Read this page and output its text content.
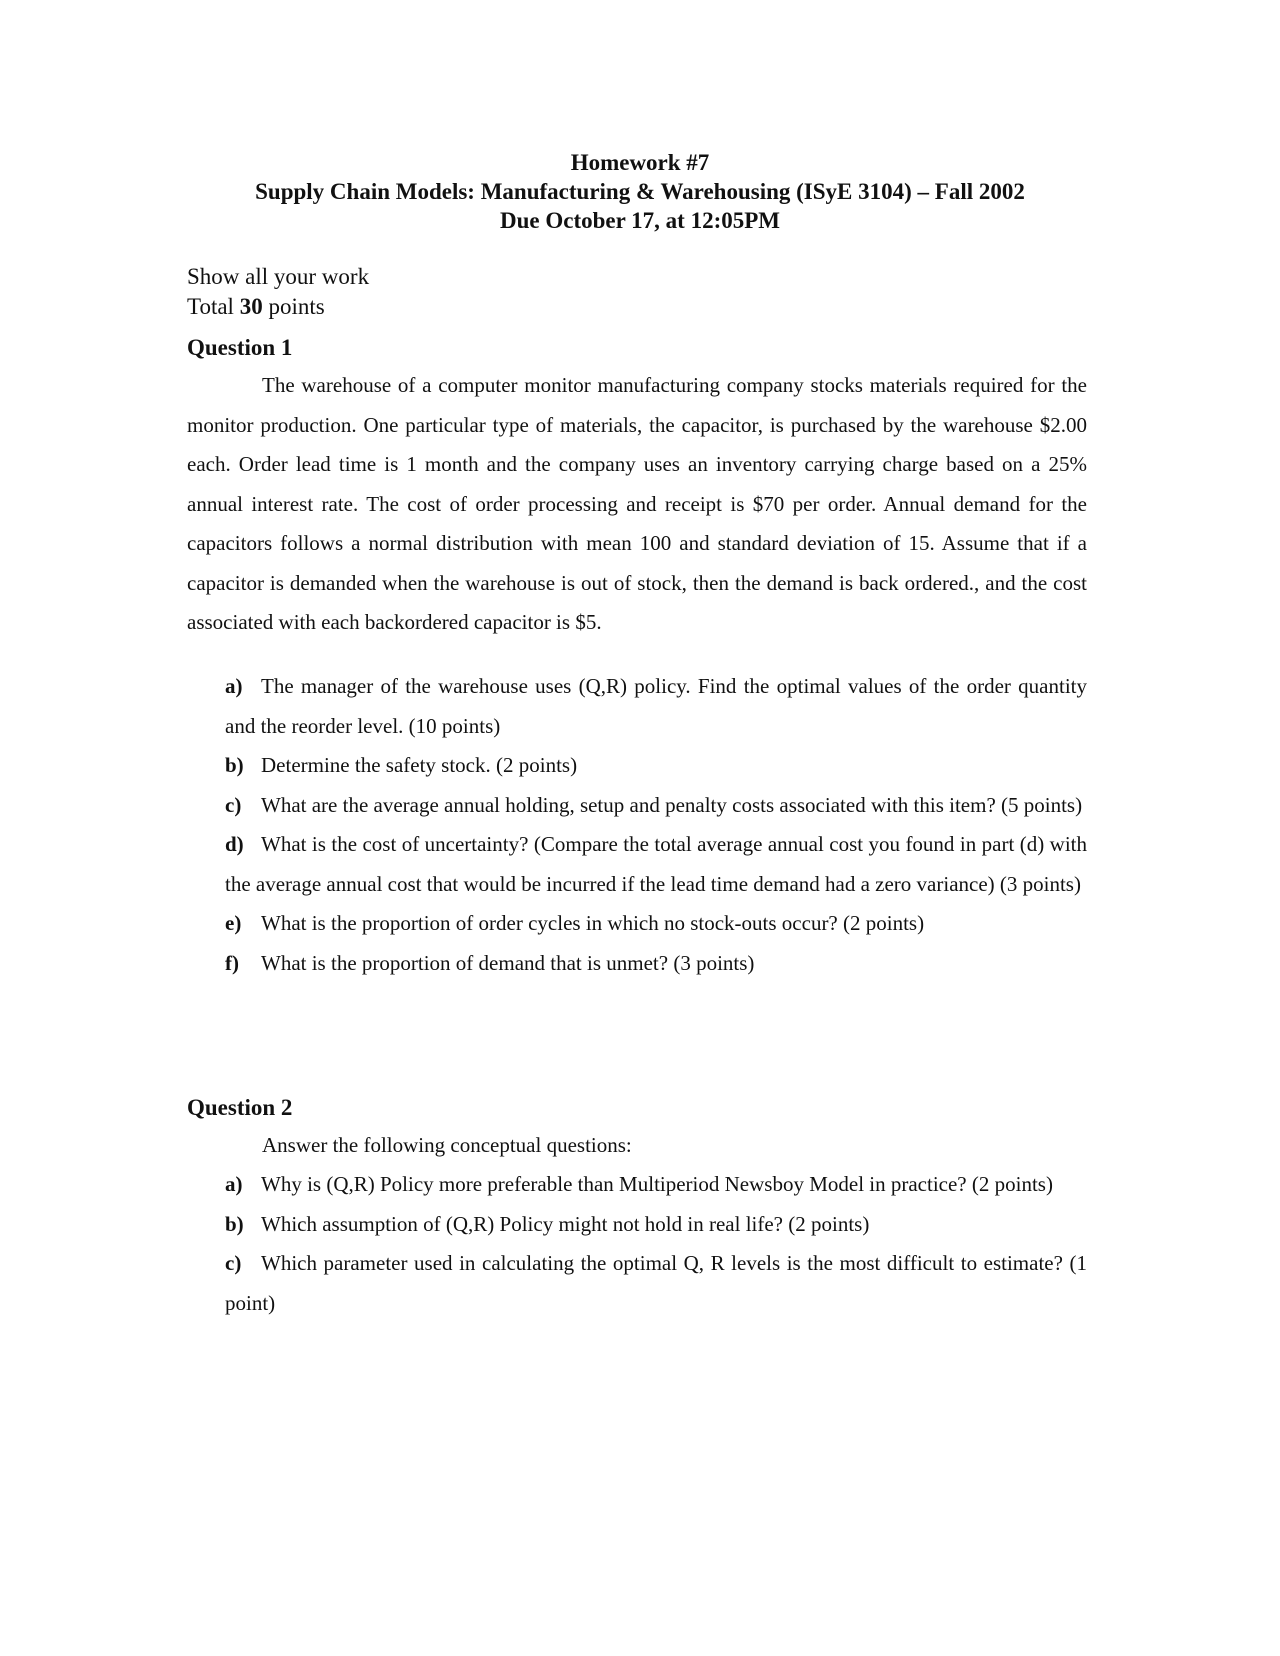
Homework #7
Supply Chain Models: Manufacturing & Warehousing (ISyE 3104) – Fall 2002
Due October 17, at 12:05PM
Show all your work
Total 30 points
Question 1
The warehouse of a computer monitor manufacturing company stocks materials required for the monitor production. One particular type of materials, the capacitor, is purchased by the warehouse $2.00 each. Order lead time is 1 month and the company uses an inventory carrying charge based on a 25% annual interest rate. The cost of order processing and receipt is $70 per order. Annual demand for the capacitors follows a normal distribution with mean 100 and standard deviation of 15. Assume that if a capacitor is demanded when the warehouse is out of stock, then the demand is back ordered., and the cost associated with each backordered capacitor is $5.
a) The manager of the warehouse uses (Q,R) policy. Find the optimal values of the order quantity and the reorder level. (10 points)
b) Determine the safety stock. (2 points)
c) What are the average annual holding, setup and penalty costs associated with this item? (5 points)
d) What is the cost of uncertainty? (Compare the total average annual cost you found in part (d) with the average annual cost that would be incurred if the lead time demand had a zero variance) (3 points)
e) What is the proportion of order cycles in which no stock-outs occur? (2 points)
f) What is the proportion of demand that is unmet? (3 points)
Question 2
Answer the following conceptual questions:
a) Why is (Q,R) Policy more preferable than Multiperiod Newsboy Model in practice? (2 points)
b) Which assumption of (Q,R) Policy might not hold in real life? (2 points)
c) Which parameter used in calculating the optimal Q, R levels is the most difficult to estimate? (1 point)
